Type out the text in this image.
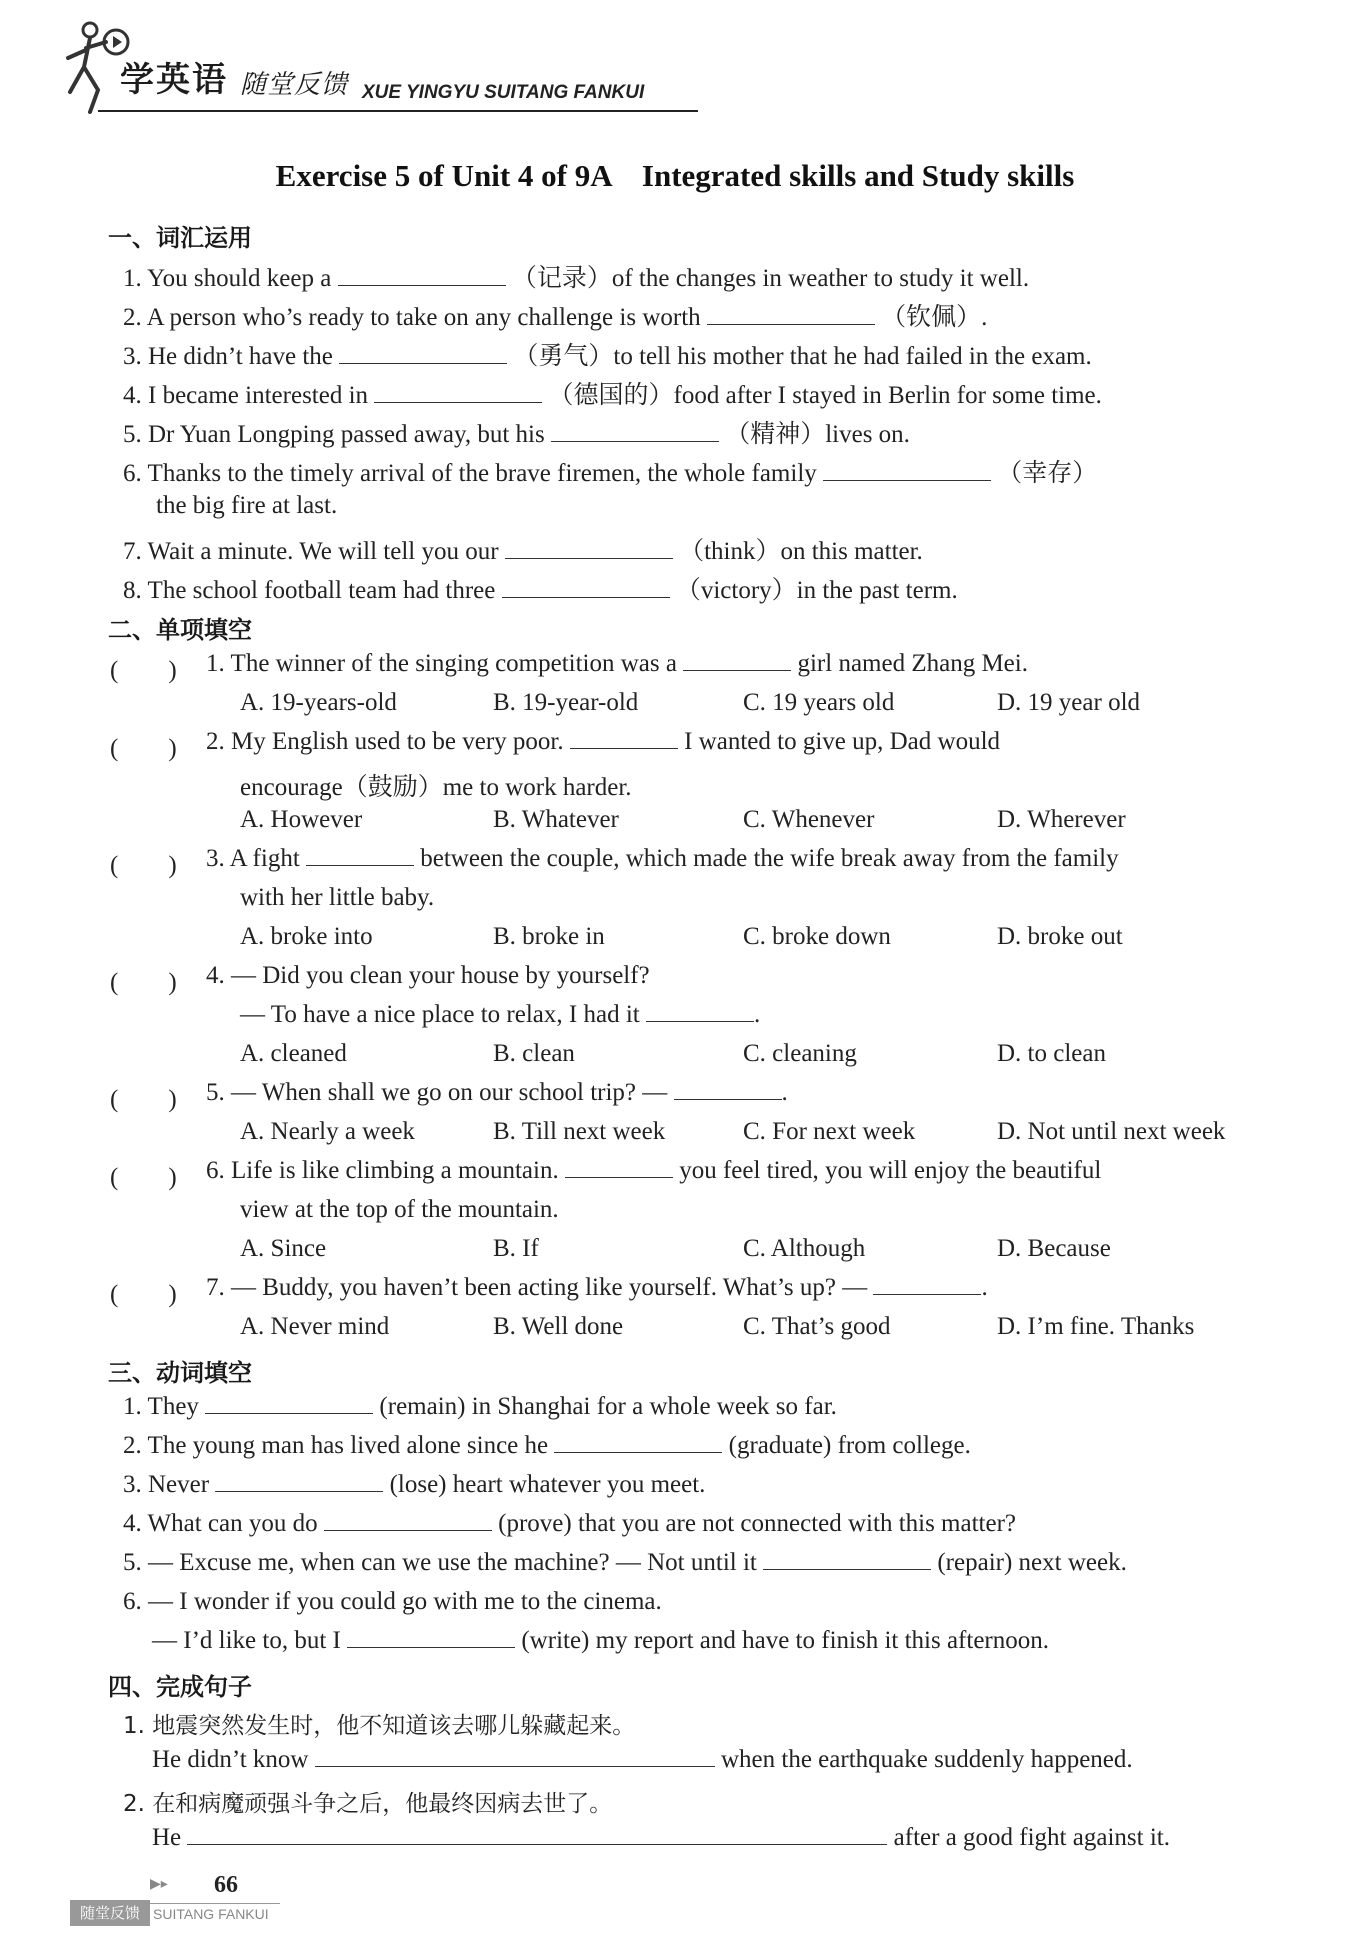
学英语 随堂反馈 XUE YINGYU SUITANG FANKUI
Exercise 5 of Unit 4 of 9A　Integrated skills and Study skills
一、词汇运用
1. You should keep a	（记录）of the changes in weather to study it well.
2. A person who’s ready to take on any challenge is worth	（钦佩）.
3. He didn’t have the	（勇气）to tell his mother that he had failed in the exam.
4. I became interested in	（德国的）food after I stayed in Berlin for some time.
5. Dr Yuan Longping passed away, but his	（精神）lives on.
6. Thanks to the timely arrival of the brave firemen, the whole family	（幸存）
the big fire at last.
7. Wait a minute. We will tell you our	（think）on this matter.
8. The school football team had three	（victory）in the past term.
二、单项填空
(　　) 1. The winner of the singing competition was a	girl named Zhang Mei.
A. 19-years-old	B. 19-year-old	C. 19 years old	D. 19 year old
(　　) 2. My English used to be very poor.	I wanted to give up, Dad would
encourage（鼓励）me to work harder.
A. However	B. Whatever	C. Whenever	D. Wherever
(　　) 3. A fight	between the couple, which made the wife break away from the family
with her little baby.
A. broke into	B. broke in	C. broke down	D. broke out
(　　) 4. — Did you clean your house by yourself?
— To have a nice place to relax, I had it	.
A. cleaned	B. clean	C. cleaning	D. to clean
(　　) 5. — When shall we go on our school trip? —	.
A. Nearly a week	B. Till next week	C. For next week	D. Not until next week
(　　) 6. Life is like climbing a mountain.	you feel tired, you will enjoy the beautiful
view at the top of the mountain.
A. Since	B. If	C. Although	D. Because
(　　) 7. — Buddy, you haven’t been acting like yourself. What’s up? —	.
A. Never mind	B. Well done	C. That’s good	D. I’m fine. Thanks
三、动词填空
1. They	(remain) in Shanghai for a whole week so far.
2. The young man has lived alone since he	(graduate) from college.
3. Never	(lose) heart whatever you meet.
4. What can you do	(prove) that you are not connected with this matter?
5. — Excuse me, when can we use the machine? — Not until it	(repair) next week.
6. — I wonder if you could go with me to the cinema.
— I’d like to, but I	(write) my report and have to finish it this afternoon.
四、完成句子
1. 地震突然发生时，他不知道该去哪儿躲藏起来。
He didn’t know	when the earthquake suddenly happened.
2. 在和病魔顽强斗争之后，他最终因病去世了。
He	after a good fight against it.
▶▸ 66
随堂反馈 SUITANG FANKUI
